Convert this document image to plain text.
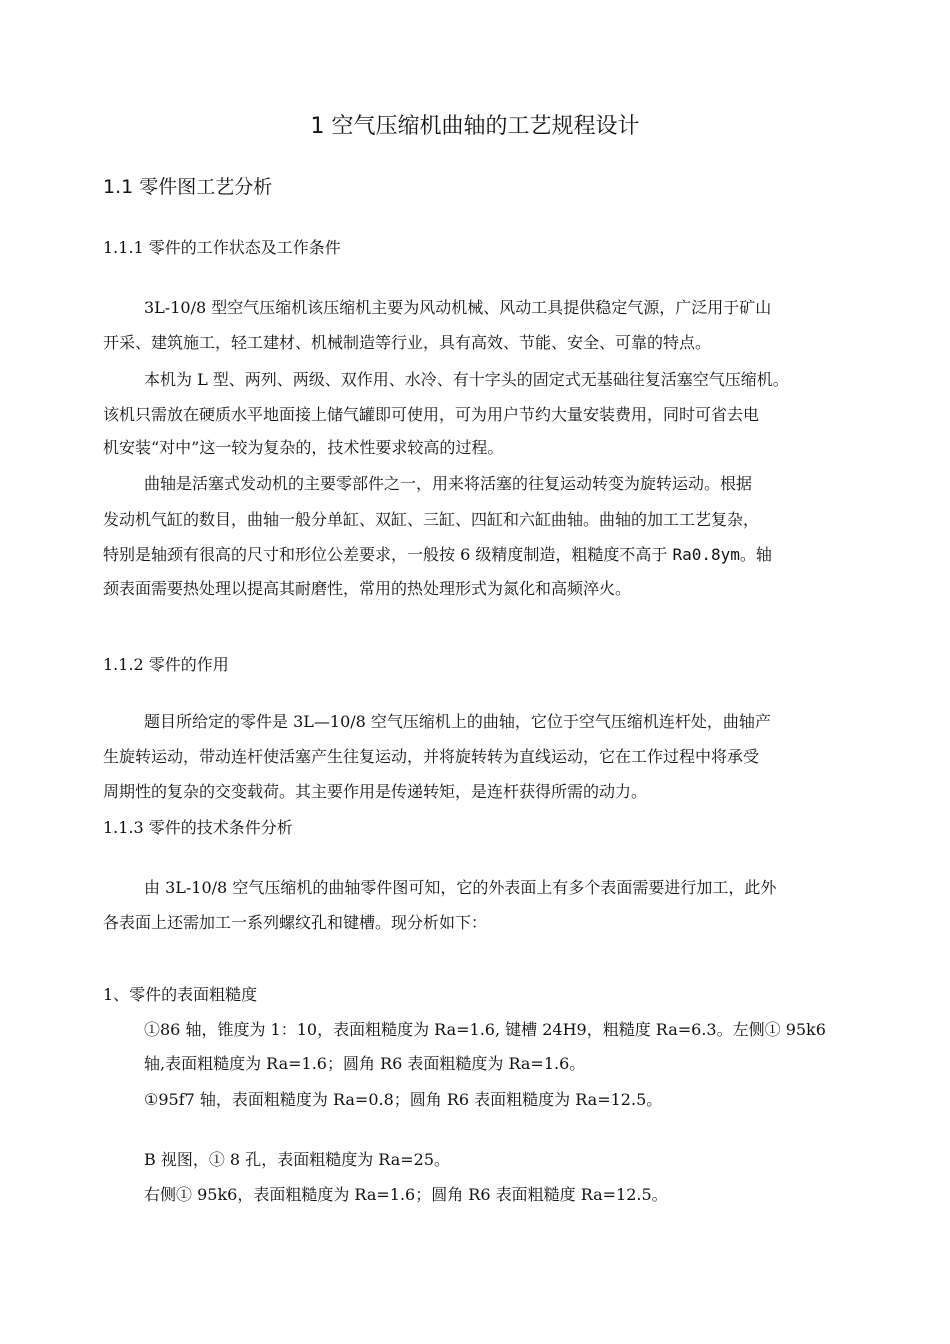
1 空气压缩机曲轴的工艺规程设计
1.1 零件图工艺分析
1.1.1 零件的工作状态及工作条件
3L-10/8 型空气压缩机该压缩机主要为风动机械、风动工具提供稳定气源，广泛用于矿山
开采、建筑施工，轻工建材、机械制造等行业，具有高效、节能、安全、可靠的特点。
本机为 L 型、两列、两级、双作用、水冷、有十字头的固定式无基础往复活塞空气压缩机。
该机只需放在硬质水平地面接上储气罐即可使用，可为用户节约大量安装费用，同时可省去电
机安装“对中”这一较为复杂的，技术性要求较高的过程。
曲轴是活塞式发动机的主要零部件之一，用来将活塞的往复运动转变为旋转运动。根据
发动机气缸的数目，曲轴一般分单缸、双缸、三缸、四缸和六缸曲轴。曲轴的加工工艺复杂，
特别是轴颈有很高的尺寸和形位公差要求，一般按 6 级精度制造，粗糙度不高于 Ra0.8ym。轴
颈表面需要热处理以提高其耐磨性，常用的热处理形式为氮化和高频淬火。
1.1.2 零件的作用
题目所给定的零件是 3L—10/8 空气压缩机上的曲轴，它位于空气压缩机连杆处，曲轴产
生旋转运动，带动连杆使活塞产生往复运动，并将旋转转为直线运动，它在工作过程中将承受
周期性的复杂的交变载荷。其主要作用是传递转矩，是连杆获得所需的动力。
1.1.3 零件的技术条件分析
由 3L-10/8 空气压缩机的曲轴零件图可知，它的外表面上有多个表面需要进行加工，此外
各表面上还需加工一系列螺纹孔和键槽。现分析如下：
1、零件的表面粗糙度
①86 轴，锥度为 1：10，表面粗糙度为 Ra=1.6, 键槽 24H9，粗糙度 Ra=6.3。左侧① 95k6
轴,表面粗糙度为 Ra=1.6；圆角 R6 表面粗糙度为 Ra=1.6。
①95f7 轴，表面粗糙度为 Ra=0.8；圆角 R6 表面粗糙度为 Ra=12.5。
B 视图，① 8 孔，表面粗糙度为 Ra=25。
右侧① 95k6，表面粗糙度为 Ra=1.6；圆角 R6 表面粗糙度 Ra=12.5。
